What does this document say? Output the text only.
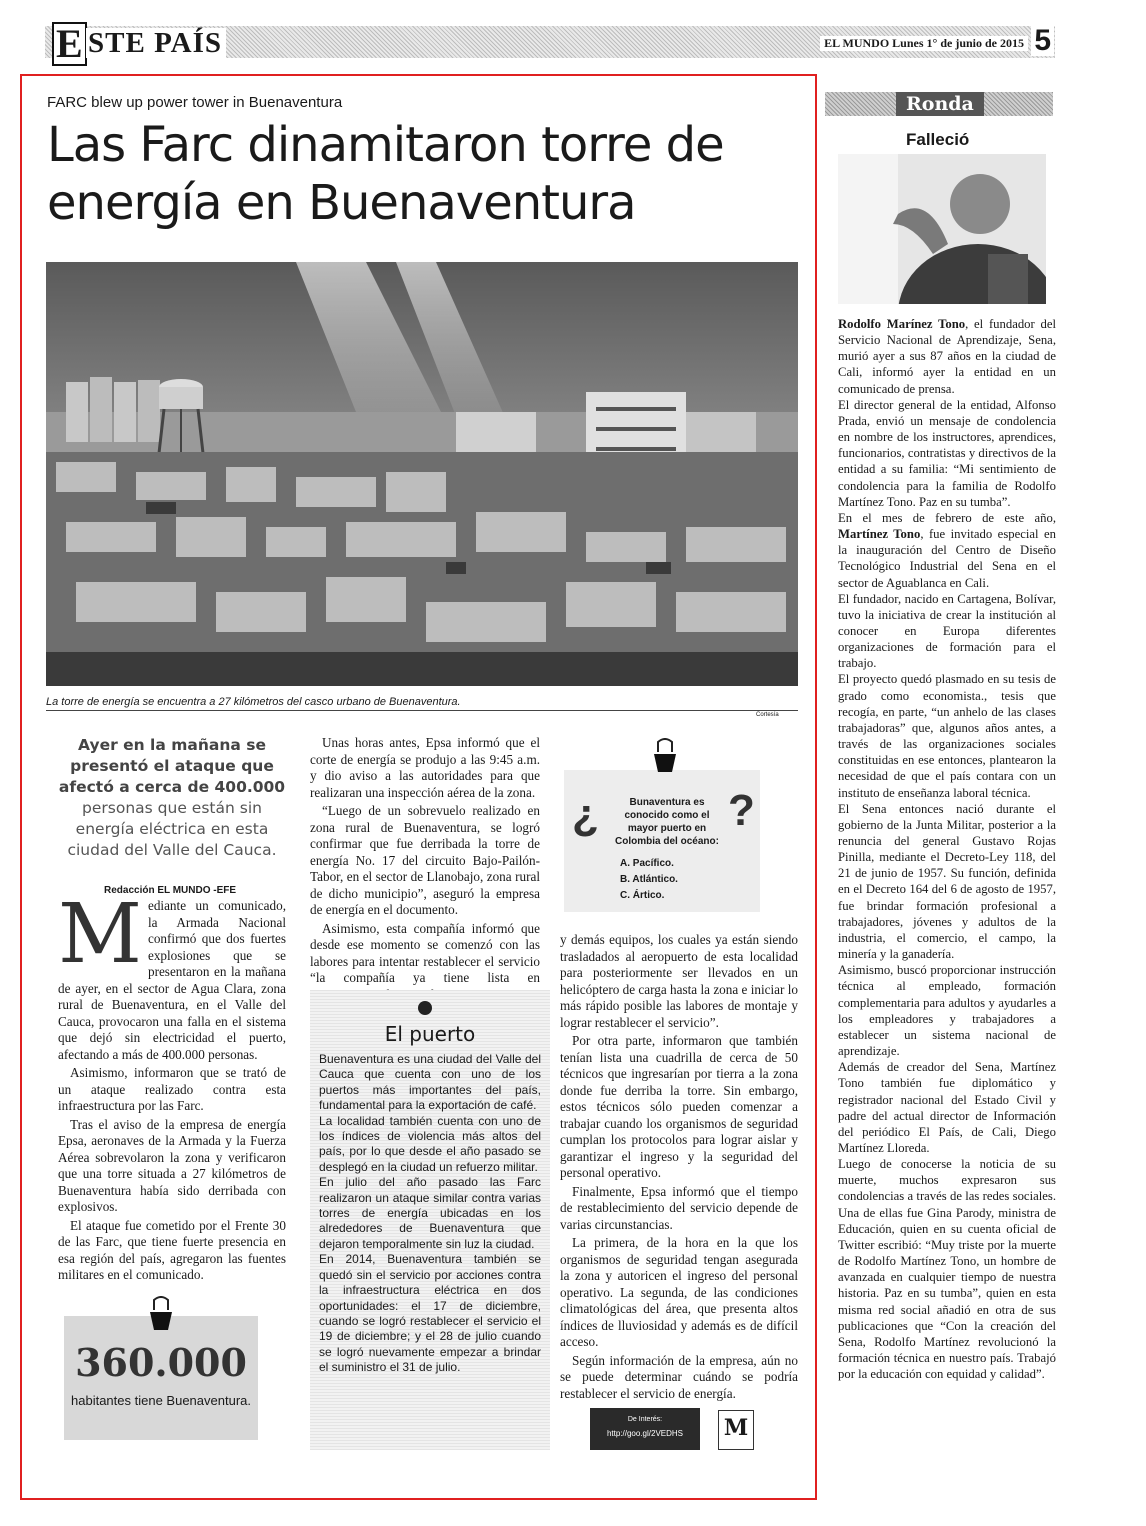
E STE PAÍS	EL MUNDO Lunes 1° de junio de 2015 5
FARC blew up power tower in Buenaventura
Las Farc dinamitaron torre de energía en Buenaventura
La torre de energía se encuentra a 27 kilómetros del casco urbano de Buenaventura.
Cortesía
Ayer en la mañana se presentó el ataque que afectó a cerca de 400.000
personas que están sin energía eléctrica en esta ciudad del Valle del Cauca.
Redacción EL MUNDO -EFE
M ediante un comunicado, la Armada Nacional confirmó que dos fuertes explosiones que se presentaron en la mañana de ayer, en el sector de Agua Clara, zona rural de Buenaventura, en el Valle del Cauca, provocaron una falla en el sistema que dejó sin electricidad el puerto, afectando a más de 400.000 personas.

Asimismo, informaron que se trató de un ataque realizado contra esta infraestructura por las Farc.

Tras el aviso de la empresa de energía Epsa, aeronaves de la Armada y la Fuerza Aérea sobrevolaron la zona y verificaron que una torre situada a 27 kilómetros de Buenaventura había sido derribada con explosivos.

El ataque fue cometido por el Frente 30 de las Farc, que tiene fuerte presencia en esa región del país, agregaron las fuentes militares en el comunicado.

360.000
habitantes tiene Buenaventura.

Unas horas antes, Epsa informó que el corte de energía se produjo a las 9:45 a.m. y dio aviso a las autoridades para que realizaran una inspección aérea de la zona.

“Luego de un sobrevuelo realizado en zona rural de Buenaventura, se logró confirmar que fue derribada la torre de energía No. 17 del circuito Bajo-Pailón-Tabor, en el sector de Llanobajo, zona rural de dicho municipio”, aseguró la empresa de energía en el documento.

Asimismo, esta compañía informó que desde ese momento se comenzó con las labores para intentar restablecer el servicio “la compañía ya tiene lista en

¿	?
Bunaventura es conocido como el mayor puerto en Colombia del océano:
A. Pacífico.
B. Atlántico.
C. Ártico.

y demás equipos, los cuales ya están siendo trasladados al aeropuerto de esta localidad para posteriormente ser llevados en un helicóptero de carga hasta la zona e iniciar lo más rápido posible las labores de montaje y lograr restablecer el servicio”.

Por otra parte, informaron que también tenían lista una cuadrilla de cerca de 50 técnicos que ingresarían por tierra a la zona donde fue derriba la torre. Sin embargo, estos técnicos sólo pueden comenzar a trabajar cuando los organismos de seguridad cumplan los protocolos para lograr aislar y garantizar el ingreso y la seguridad del personal operativo.

Finalmente, Epsa informó que el tiempo de restablecimiento del servicio depende de varias circunstancias.

La primera, de la hora en la que los organismos de seguridad tengan asegurada la zona y autoricen el ingreso del personal operativo. La segunda, de las condiciones climatológicas del área, que presenta altos índices de lluviosidad y además es de difícil acceso.

Según información de la empresa, aún no se puede determinar cuándo se podría restablecer el servicio de energía.

El puerto

Buenaventura es una ciudad del Valle del Cauca que cuenta con uno de los puertos más importantes del país, fundamental para la exportación de café.

La localidad también cuenta con uno de los índices de violencia más altos del país, por lo que desde el año pasado se desplegó en la ciudad un refuerzo militar.

En julio del año pasado las Farc realizaron un ataque similar contra varias torres de energía ubicadas en los alrededores de Buenaventura que dejaron temporalmente sin luz la ciudad.

En 2014, Buenaventura también se quedó sin el servicio por acciones contra la infraestructura eléctrica en dos oportunidades: el 17 de diciembre, cuando se logró restablecer el servicio el 19 de diciembre; y el 28 de julio cuando se logró nuevamente empezar a brindar el suministro el 31 de julio.

De Interés:
http://goo.gl/2VEDHS	M
Ronda
Falleció

Rodolfo Marínez Tono, el fundador del Servicio Nacional de Aprendizaje, Sena, murió ayer a sus 87 años en la ciudad de Cali, informó ayer la entidad en un comunicado de prensa.

El director general de la entidad, Alfonso Prada, envió un mensaje de condolencia en nombre de los instructores, aprendices, funcionarios, contratistas y directivos de la entidad a su familia: “Mi sentimiento de condolencia para la familia de Rodolfo Martínez Tono. Paz en su tumba”.

En el mes de febrero de este año, Martínez Tono, fue invitado especial en la inauguración del Centro de Diseño Tecnológico Industrial del Sena en el sector de Aguablanca en Cali.

El fundador, nacido en Cartagena, Bolívar, tuvo la iniciativa de crear la institución al conocer en Europa diferentes organizaciones de formación para el trabajo.

El proyecto quedó plasmado en su tesis de grado como economista., tesis que recogía, en parte, “un anhelo de las clases trabajadoras” que, algunos años antes, a través de las organizaciones sociales constituidas en ese entonces, plantearon la necesidad de que el país contara con un instituto de enseñanza laboral técnica.

El Sena entonces nació durante el gobierno de la Junta Militar, posterior a la renuncia del general Gustavo Rojas Pinilla, mediante el Decreto-Ley 118, del 21 de junio de 1957. Su función, definida en el Decreto 164 del 6 de agosto de 1957, fue brindar formación profesional a trabajadores, jóvenes y adultos de la industria, el comercio, el campo, la minería y la ganadería.

Asimismo, buscó proporcionar instrucción técnica al empleado, formación complementaria para adultos y ayudarles a los empleadores y trabajadores a establecer un sistema nacional de aprendizaje.

Además de creador del Sena, Martínez Tono también fue diplomático y registrador nacional del Estado Civil y padre del actual director de Información del periódico El País, de Cali, Diego Martínez Lloreda.

Luego de conocerse la noticia de su muerte, muchos expresaron sus condolencias a través de las redes sociales. Una de ellas fue Gina Parody, ministra de Educación, quien en su cuenta oficial de Twitter escribió: “Muy triste por la muerte de Rodolfo Martínez Tono, un hombre de avanzada en cualquier tiempo de nuestra historia. Paz en su tumba”, quien en esta misma red social añadió en otra de sus publicaciones que “Con la creación del Sena, Rodolfo Martínez revolucionó la formación técnica en nuestro país. Trabajó por la educación con equidad y calidad”.
